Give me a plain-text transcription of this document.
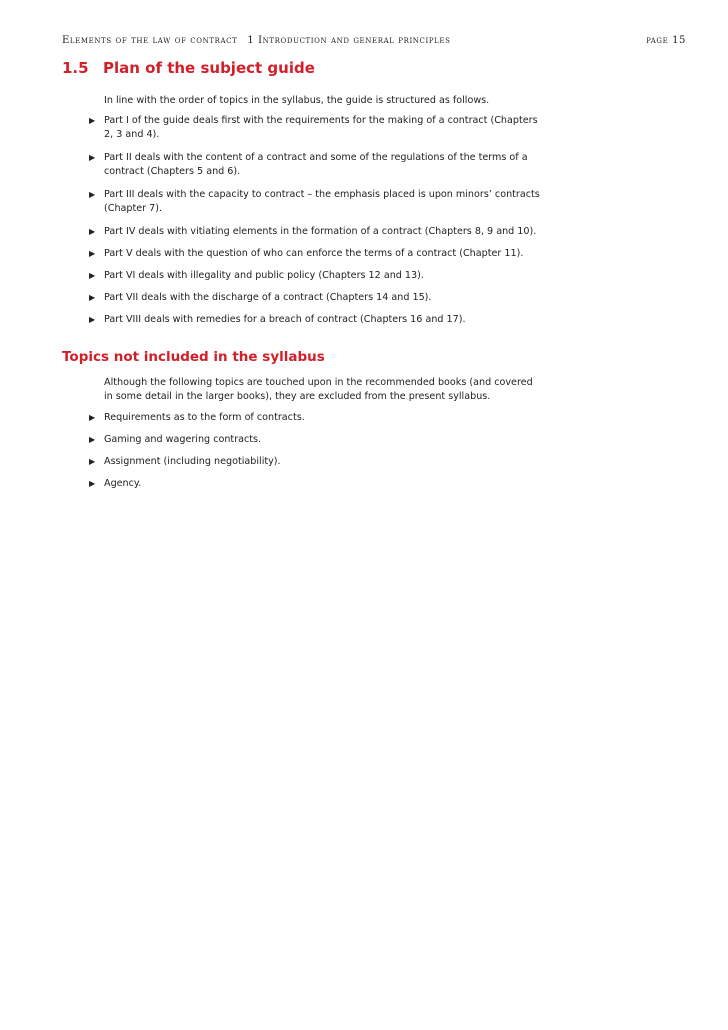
Elements of the law of contract 1 Introduction and general principles	page 15
1.5 Plan of the subject guide
In line with the order of topics in the syllabus, the guide is structured as follows.
▶ Part I of the guide deals first with the requirements for the making of a contract (Chapters 2, 3 and 4).
▶ Part II deals with the content of a contract and some of the regulations of the terms of a contract (Chapters 5 and 6).
▶ Part III deals with the capacity to contract – the emphasis placed is upon minors’ contracts (Chapter 7).
▶ Part IV deals with vitiating elements in the formation of a contract (Chapters 8, 9 and 10).
▶ Part V deals with the question of who can enforce the terms of a contract (Chapter 11).
▶ Part VI deals with illegality and public policy (Chapters 12 and 13).
▶ Part VII deals with the discharge of a contract (Chapters 14 and 15).
▶ Part VIII deals with remedies for a breach of contract (Chapters 16 and 17).
Topics not included in the syllabus
Although the following topics are touched upon in the recommended books (and covered in some detail in the larger books), they are excluded from the present syllabus.
▶ Requirements as to the form of contracts.
▶ Gaming and wagering contracts.
▶ Assignment (including negotiability).
▶ Agency.
